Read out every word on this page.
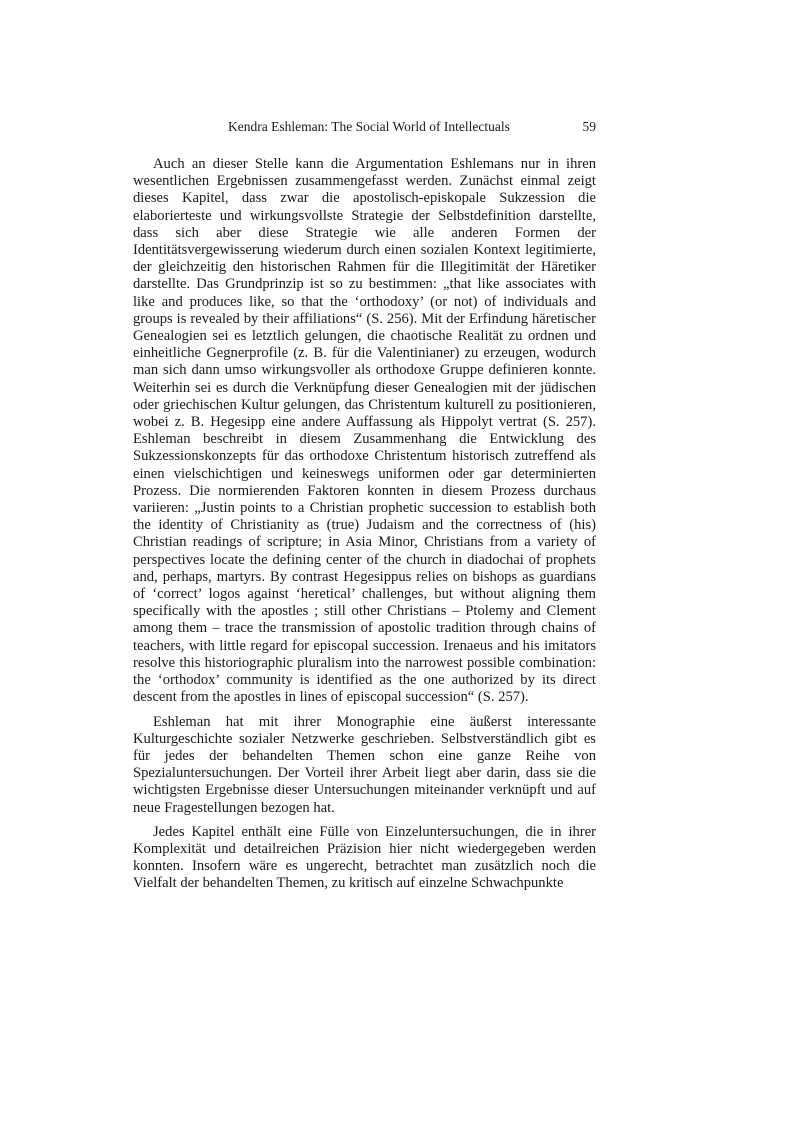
Kendra Eshleman: The Social World of Intellectuals	59

Auch an dieser Stelle kann die Argumentation Eshlemans nur in ihren wesentlichen Ergebnissen zusammengefasst werden. Zunächst einmal zeigt dieses Kapitel, dass zwar die apostolisch-episkopale Sukzession die elaborierteste und wirkungsvollste Strategie der Selbstdefinition darstellte, dass sich aber diese Strategie wie alle anderen Formen der Identitätsvergewisserung wiederum durch einen sozialen Kontext legitimierte, der gleichzeitig den historischen Rahmen für die Illegitimität der Häretiker darstellte. Das Grundprinzip ist so zu bestimmen: „that like associates with like and produces like, so that the ‘orthodoxy’ (or not) of individuals and groups is revealed by their affiliations“ (S. 256). Mit der Erfindung häretischer Genealogien sei es letztlich gelungen, die chaotische Realität zu ordnen und einheitliche Gegnerprofile (z. B. für die Valentinianer) zu erzeugen, wodurch man sich dann umso wirkungsvoller als orthodoxe Gruppe definieren konnte. Weiterhin sei es durch die Verknüpfung dieser Genealogien mit der jüdischen oder griechischen Kultur gelungen, das Christentum kulturell zu positionieren, wobei z. B. Hegesipp eine andere Auffassung als Hippolyt vertrat (S. 257). Eshleman beschreibt in diesem Zusammenhang die Entwicklung des Sukzessionskonzepts für das orthodoxe Christentum historisch zutreffend als einen vielschichtigen und keineswegs uniformen oder gar determinierten Prozess. Die normierenden Faktoren konnten in diesem Prozess durchaus variieren: „Justin points to a Christian prophetic succession to establish both the identity of Christianity as (true) Judaism and the correctness of (his) Christian readings of scripture; in Asia Minor, Christians from a variety of perspectives locate the defining center of the church in diadochai of prophets and, perhaps, martyrs. By contrast Hegesippus relies on bishops as guardians of ‘correct’ logos against ‘heretical’ challenges, but without aligning them specifically with the apostles ; still other Christians – Ptolemy and Clement among them – trace the transmission of apostolic tradition through chains of teachers, with little regard for episcopal succession. Irenaeus and his imitators resolve this historiographic pluralism into the narrowest possible combination: the ‘orthodox’ community is identified as the one authorized by its direct descent from the apostles in lines of episcopal succession“ (S. 257).

Eshleman hat mit ihrer Monographie eine äußerst interessante Kulturgeschichte sozialer Netzwerke geschrieben. Selbstverständlich gibt es für jedes der behandelten Themen schon eine ganze Reihe von Spezialuntersuchungen. Der Vorteil ihrer Arbeit liegt aber darin, dass sie die wichtigsten Ergebnisse dieser Untersuchungen miteinander verknüpft und auf neue Fragestellungen bezogen hat.

Jedes Kapitel enthält eine Fülle von Einzeluntersuchungen, die in ihrer Komplexität und detailreichen Präzision hier nicht wiedergegeben werden konnten. Insofern wäre es ungerecht, betrachtet man zusätzlich noch die Vielfalt der behandelten Themen, zu kritisch auf einzelne Schwachpunkte
